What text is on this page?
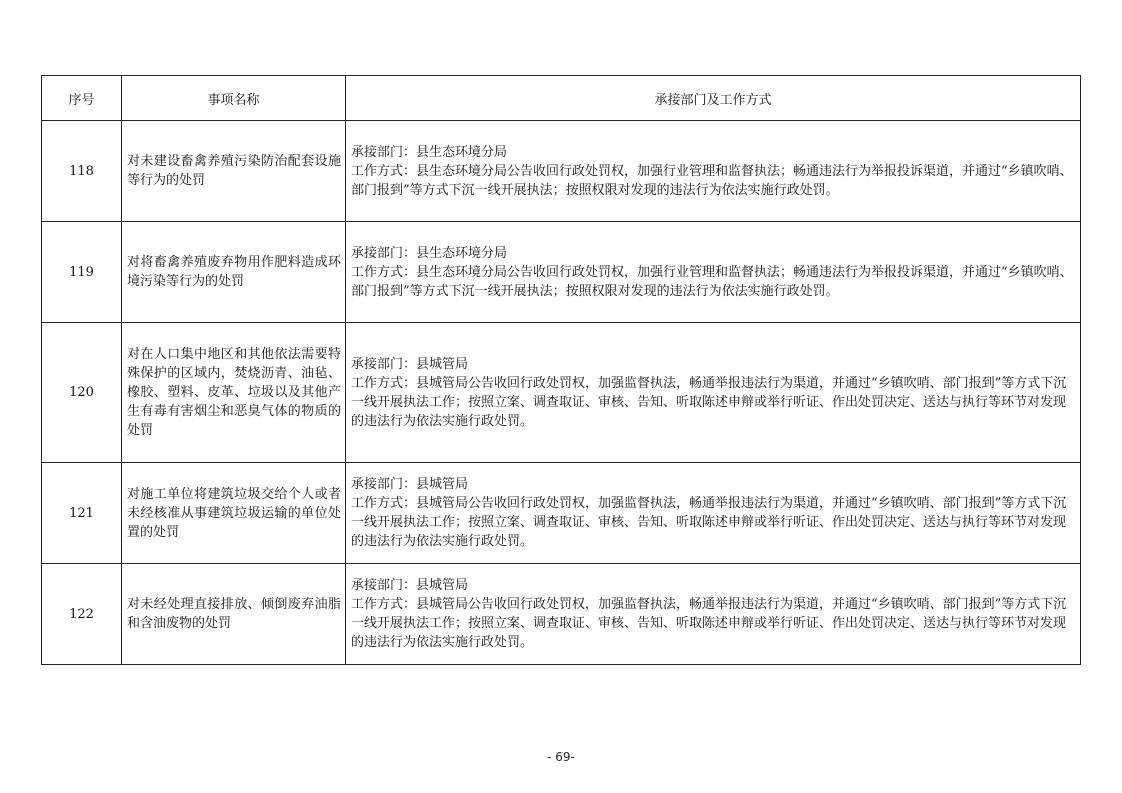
序号	事项名称	承接部门及工作方式
118	对未建设畜禽养殖污染防治配套设施等行为的处罚	承接部门：县生态环境分局
工作方式：县生态环境分局公告收回行政处罚权，加强行业管理和监督执法；畅通违法行为举报投诉渠道，并通过“乡镇吹哨、部门报到”等方式下沉一线开展执法；按照权限对发现的违法行为依法实施行政处罚。

119	对将畜禽养殖废弃物用作肥料造成环境污染等行为的处罚	承接部门：县生态环境分局
工作方式：县生态环境分局公告收回行政处罚权，加强行业管理和监督执法；畅通违法行为举报投诉渠道，并通过“乡镇吹哨、部门报到”等方式下沉一线开展执法；按照权限对发现的违法行为依法实施行政处罚。

120	对在人口集中地区和其他依法需要特殊保护的区域内，焚烧沥青、油毡、橡胶、塑料、皮革、垃圾以及其他产生有毒有害烟尘和恶臭气体的物质的处罚	承接部门：县城管局
工作方式：县城管局公告收回行政处罚权，加强监督执法，畅通举报违法行为渠道，并通过“乡镇吹哨、部门报到”等方式下沉一线开展执法工作；按照立案、调查取证、审核、告知、听取陈述申辩或举行听证、作出处罚决定、送达与执行等环节对发现的违法行为依法实施行政处罚。

121	对施工单位将建筑垃圾交给个人或者未经核准从事建筑垃圾运输的单位处置的处罚	承接部门：县城管局
工作方式：县城管局公告收回行政处罚权，加强监督执法，畅通举报违法行为渠道，并通过“乡镇吹哨、部门报到”等方式下沉一线开展执法工作；按照立案、调查取证、审核、告知、听取陈述申辩或举行听证、作出处罚决定、送达与执行等环节对发现的违法行为依法实施行政处罚。

122	对未经处理直接排放、倾倒废弃油脂和含油废物的处罚	承接部门：县城管局
工作方式：县城管局公告收回行政处罚权，加强监督执法，畅通举报违法行为渠道，并通过“乡镇吹哨、部门报到”等方式下沉一线开展执法工作；按照立案、调查取证、审核、告知、听取陈述申辩或举行听证、作出处罚决定、送达与执行等环节对发现的违法行为依法实施行政处罚。
- 69-
